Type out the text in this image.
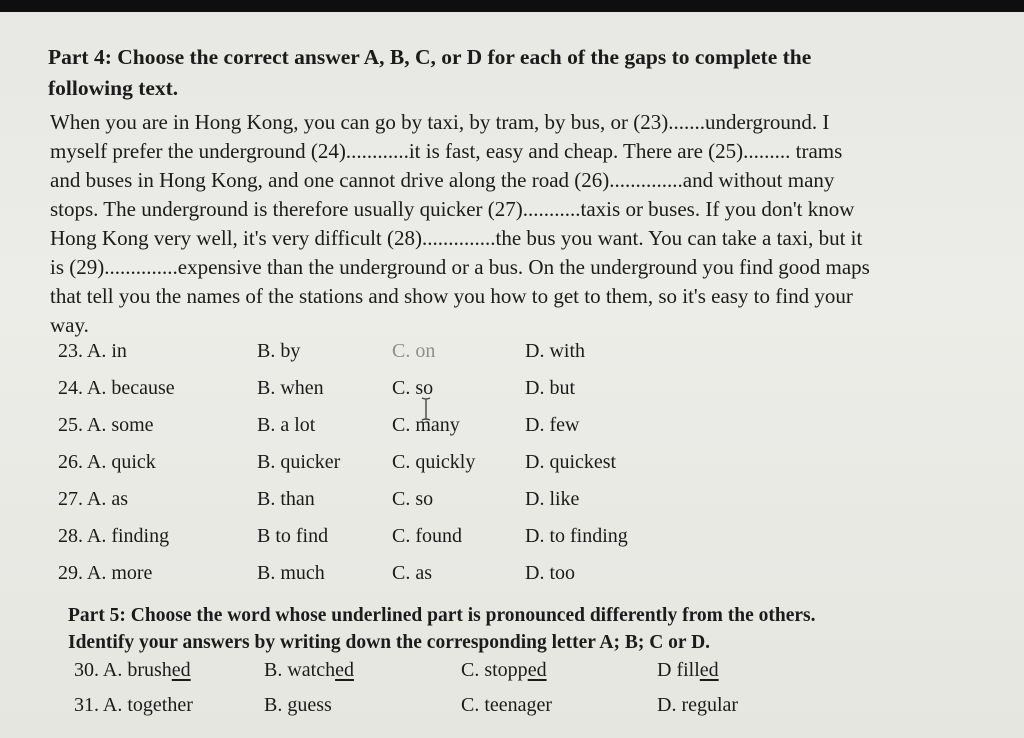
Part 4: Choose the correct answer A, B, C, or D for each of the gaps to complete the
following text.
When you are in Hong Kong, you can go by taxi, by tram, by bus, or (23).......underground. I
myself prefer the underground (24)............it is fast, easy and cheap. There are (25)......... trams
and buses in Hong Kong, and one cannot drive along the road (26)..............and without many
stops. The underground is therefore usually quicker (27)...........taxis or buses. If you don't know
Hong Kong very well, it's very difficult (28)..............the bus you want. You can take a taxi, but it
is (29)..............expensive than the underground or a bus. On the underground you find good maps
that tell you the names of the stations and show you how to get to them, so it's easy to find your
way.
23. A. in	B. by	C. on	D. with
24. A. because	B. when	C. so	D. but
25. A. some	B. a lot	C. many	D. few
26. A. quick	B. quicker	C. quickly D. quickest
27. A. as	B. than	C. so	D. like
28. A. finding	B to find	C. found	D. to finding
29. A. more	B. much	C. as	D. too
Part 5: Choose the word whose underlined part is pronounced differently from the others.
Identify your answers by writing down the corresponding letter A; B; C or D.
30. A. brushed	B. watched	C. stopped	D filled
31. A. together	B. guess	C. teenager	D. regular
